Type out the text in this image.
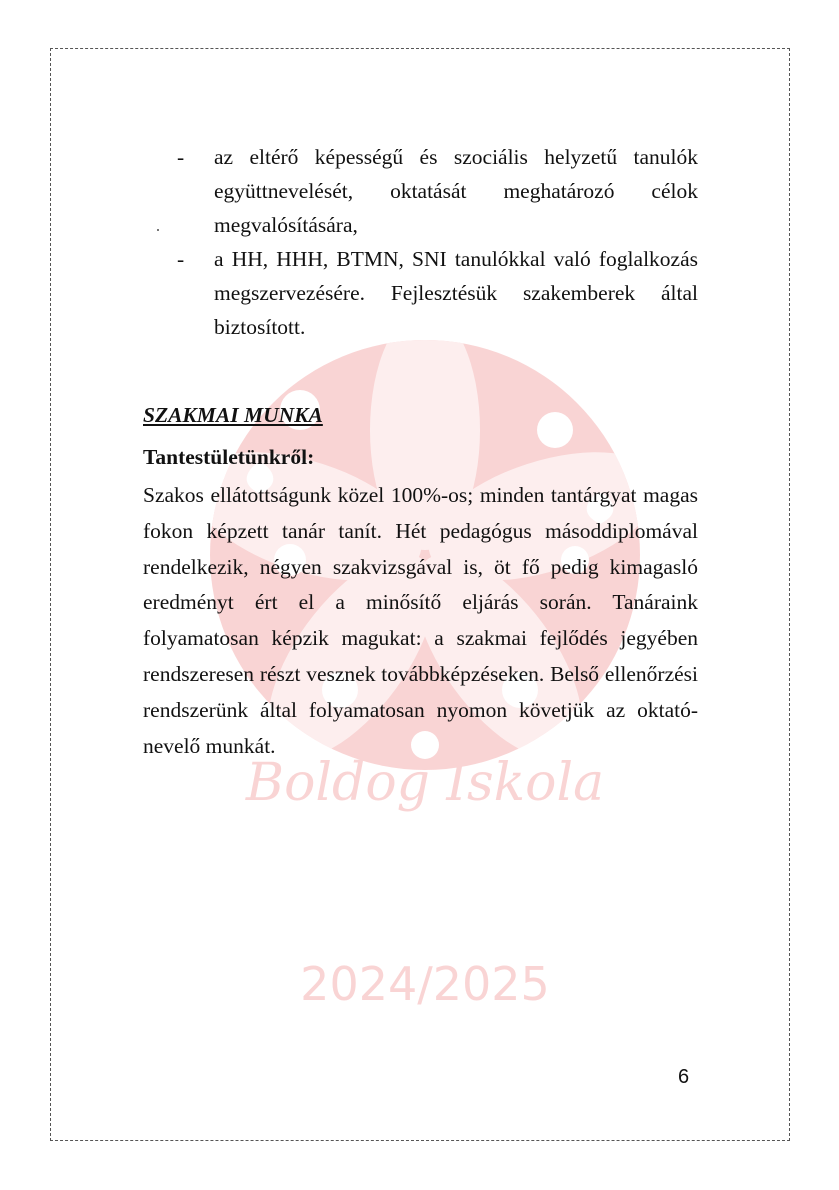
Boldog Iskola
2024/2025
- az eltérő képességű és szociális helyzetű tanulók együttnevelését, oktatását meghatározó célok megvalósítására,
- a HH, HHH, BTMN, SNI tanulókkal való foglalkozás megszervezésére. Fejlesztésük szakemberek által biztosított.
SZAKMAI MUNKA
Tantestületünkről:
Szakos ellátottságunk közel 100%-os; minden tantárgyat magas fokon képzett tanár tanít. Hét pedagógus másoddiplomával rendelkezik, négyen szakvizsgával is, öt fő pedig kimagasló eredményt ért el a minősítő eljárás során. Tanáraink folyamatosan képzik magukat: a szakmai fejlődés jegyében rendszeresen részt vesznek továbbképzéseken. Belső ellenőrzési rendszerünk által folyamatosan nyomon követjük az oktató-nevelő munkát.
6
